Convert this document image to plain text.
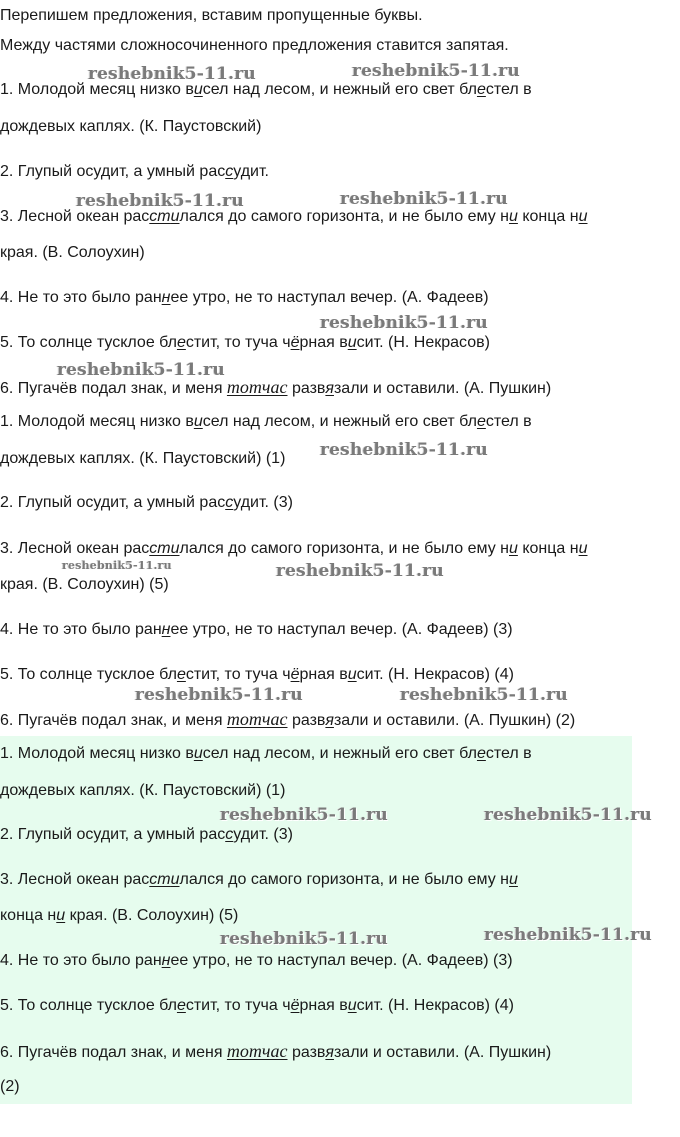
Перепишем предложения, вставим пропущенные буквы.
Между частями сложносочиненного предложения ставится запятая.
1. Молодой месяц низко висел над лесом, и нежный его свет блестел в
дождевых каплях. (К. Паустовский)
2. Глупый осудит, а умный рассудит.
3. Лесной океан расстилался до самого горизонта, и не было ему ни конца ни
края. (В. Солоухин)
4. Не то это было раннее утро, не то наступал вечер. (А. Фадеев)
5. То солнце тусклое блестит, то туча чёрная висит. (Н. Некрасов)
6. Пугачёв подал знак, и меня тотчас развязали и оставили. (А. Пушкин)
1. Молодой месяц низко висел над лесом, и нежный его свет блестел в
дождевых каплях. (К. Паустовский) (1)
2. Глупый осудит, а умный рассудит. (3)
3. Лесной океан расстилался до самого горизонта, и не было ему ни конца ни
края. (В. Солоухин) (5)
4. Не то это было раннее утро, не то наступал вечер. (А. Фадеев) (3)
5. То солнце тусклое блестит, то туча чёрная висит. (Н. Некрасов) (4)
6. Пугачёв подал знак, и меня тотчас развязали и оставили. (А. Пушкин) (2)
1. Молодой месяц низко висел над лесом, и нежный его свет блестел в
дождевых каплях. (К. Паустовский) (1)
2. Глупый осудит, а умный рассудит. (3)
3. Лесной океан расстилался до самого горизонта, и не было ему ни
конца ни края. (В. Солоухин) (5)
4. Не то это было раннее утро, не то наступал вечер. (А. Фадеев) (3)
5. То солнце тусклое блестит, то туча чёрная висит. (Н. Некрасов) (4)
6. Пугачёв подал знак, и меня тотчас развязали и оставили. (А. Пушкин)
(2)
reshebnik5-11.ru	reshebnik5-11.ru
reshebnik5-11.ru	reshebnik5-11.ru
reshebnik5-11.ru
reshebnik5-11.ru
reshebnik5-11.ru
reshebnik5-11.ru	reshebnik5-11.ru
reshebnik5-11.ru	reshebnik5-11.ru
reshebnik5-11.ru	reshebnik5-11.ru
reshebnik5-11.ru	reshebnik5-11.ru
